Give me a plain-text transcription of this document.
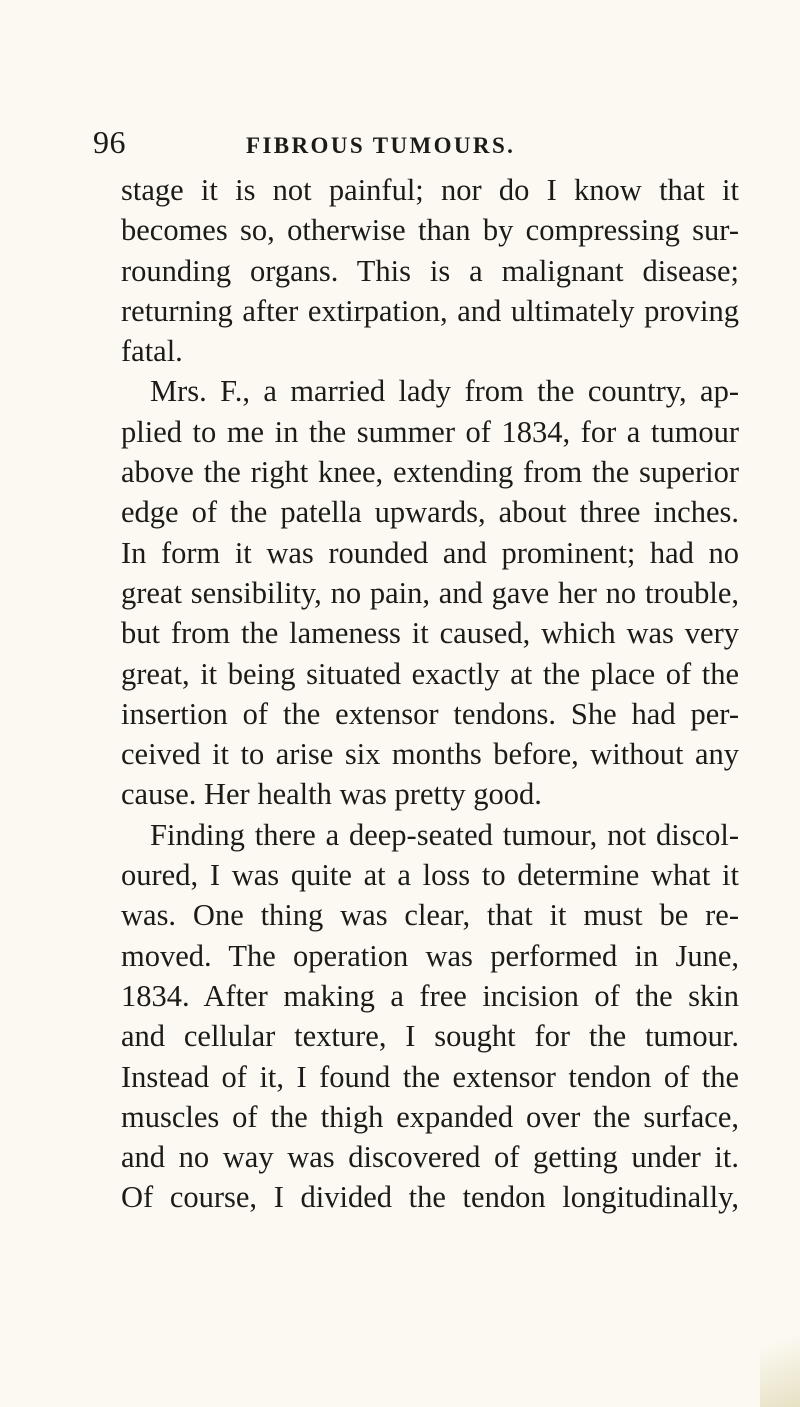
96	FIBROUS TUMOURS.
stage it is not painful; nor do I know that it
becomes so, otherwise than by compressing sur-
rounding organs. This is a malignant disease;
returning after extirpation, and ultimately proving
fatal.
Mrs. F., a married lady from the country, ap-
plied to me in the summer of 1834, for a tumour
above the right knee, extending from the superior
edge of the patella upwards, about three inches.
In form it was rounded and prominent; had no
great sensibility, no pain, and gave her no trouble,
but from the lameness it caused, which was very
great, it being situated exactly at the place of the
insertion of the extensor tendons. She had per-
ceived it to arise six months before, without any
cause. Her health was pretty good.
Finding there a deep-seated tumour, not discol-
oured, I was quite at a loss to determine what it
was. One thing was clear, that it must be re-
moved. The operation was performed in June,
1834. After making a free incision of the skin
and cellular texture, I sought for the tumour.
Instead of it, I found the extensor tendon of the
muscles of the thigh expanded over the surface,
and no way was discovered of getting under it.
Of course, I divided the tendon longitudinally,
